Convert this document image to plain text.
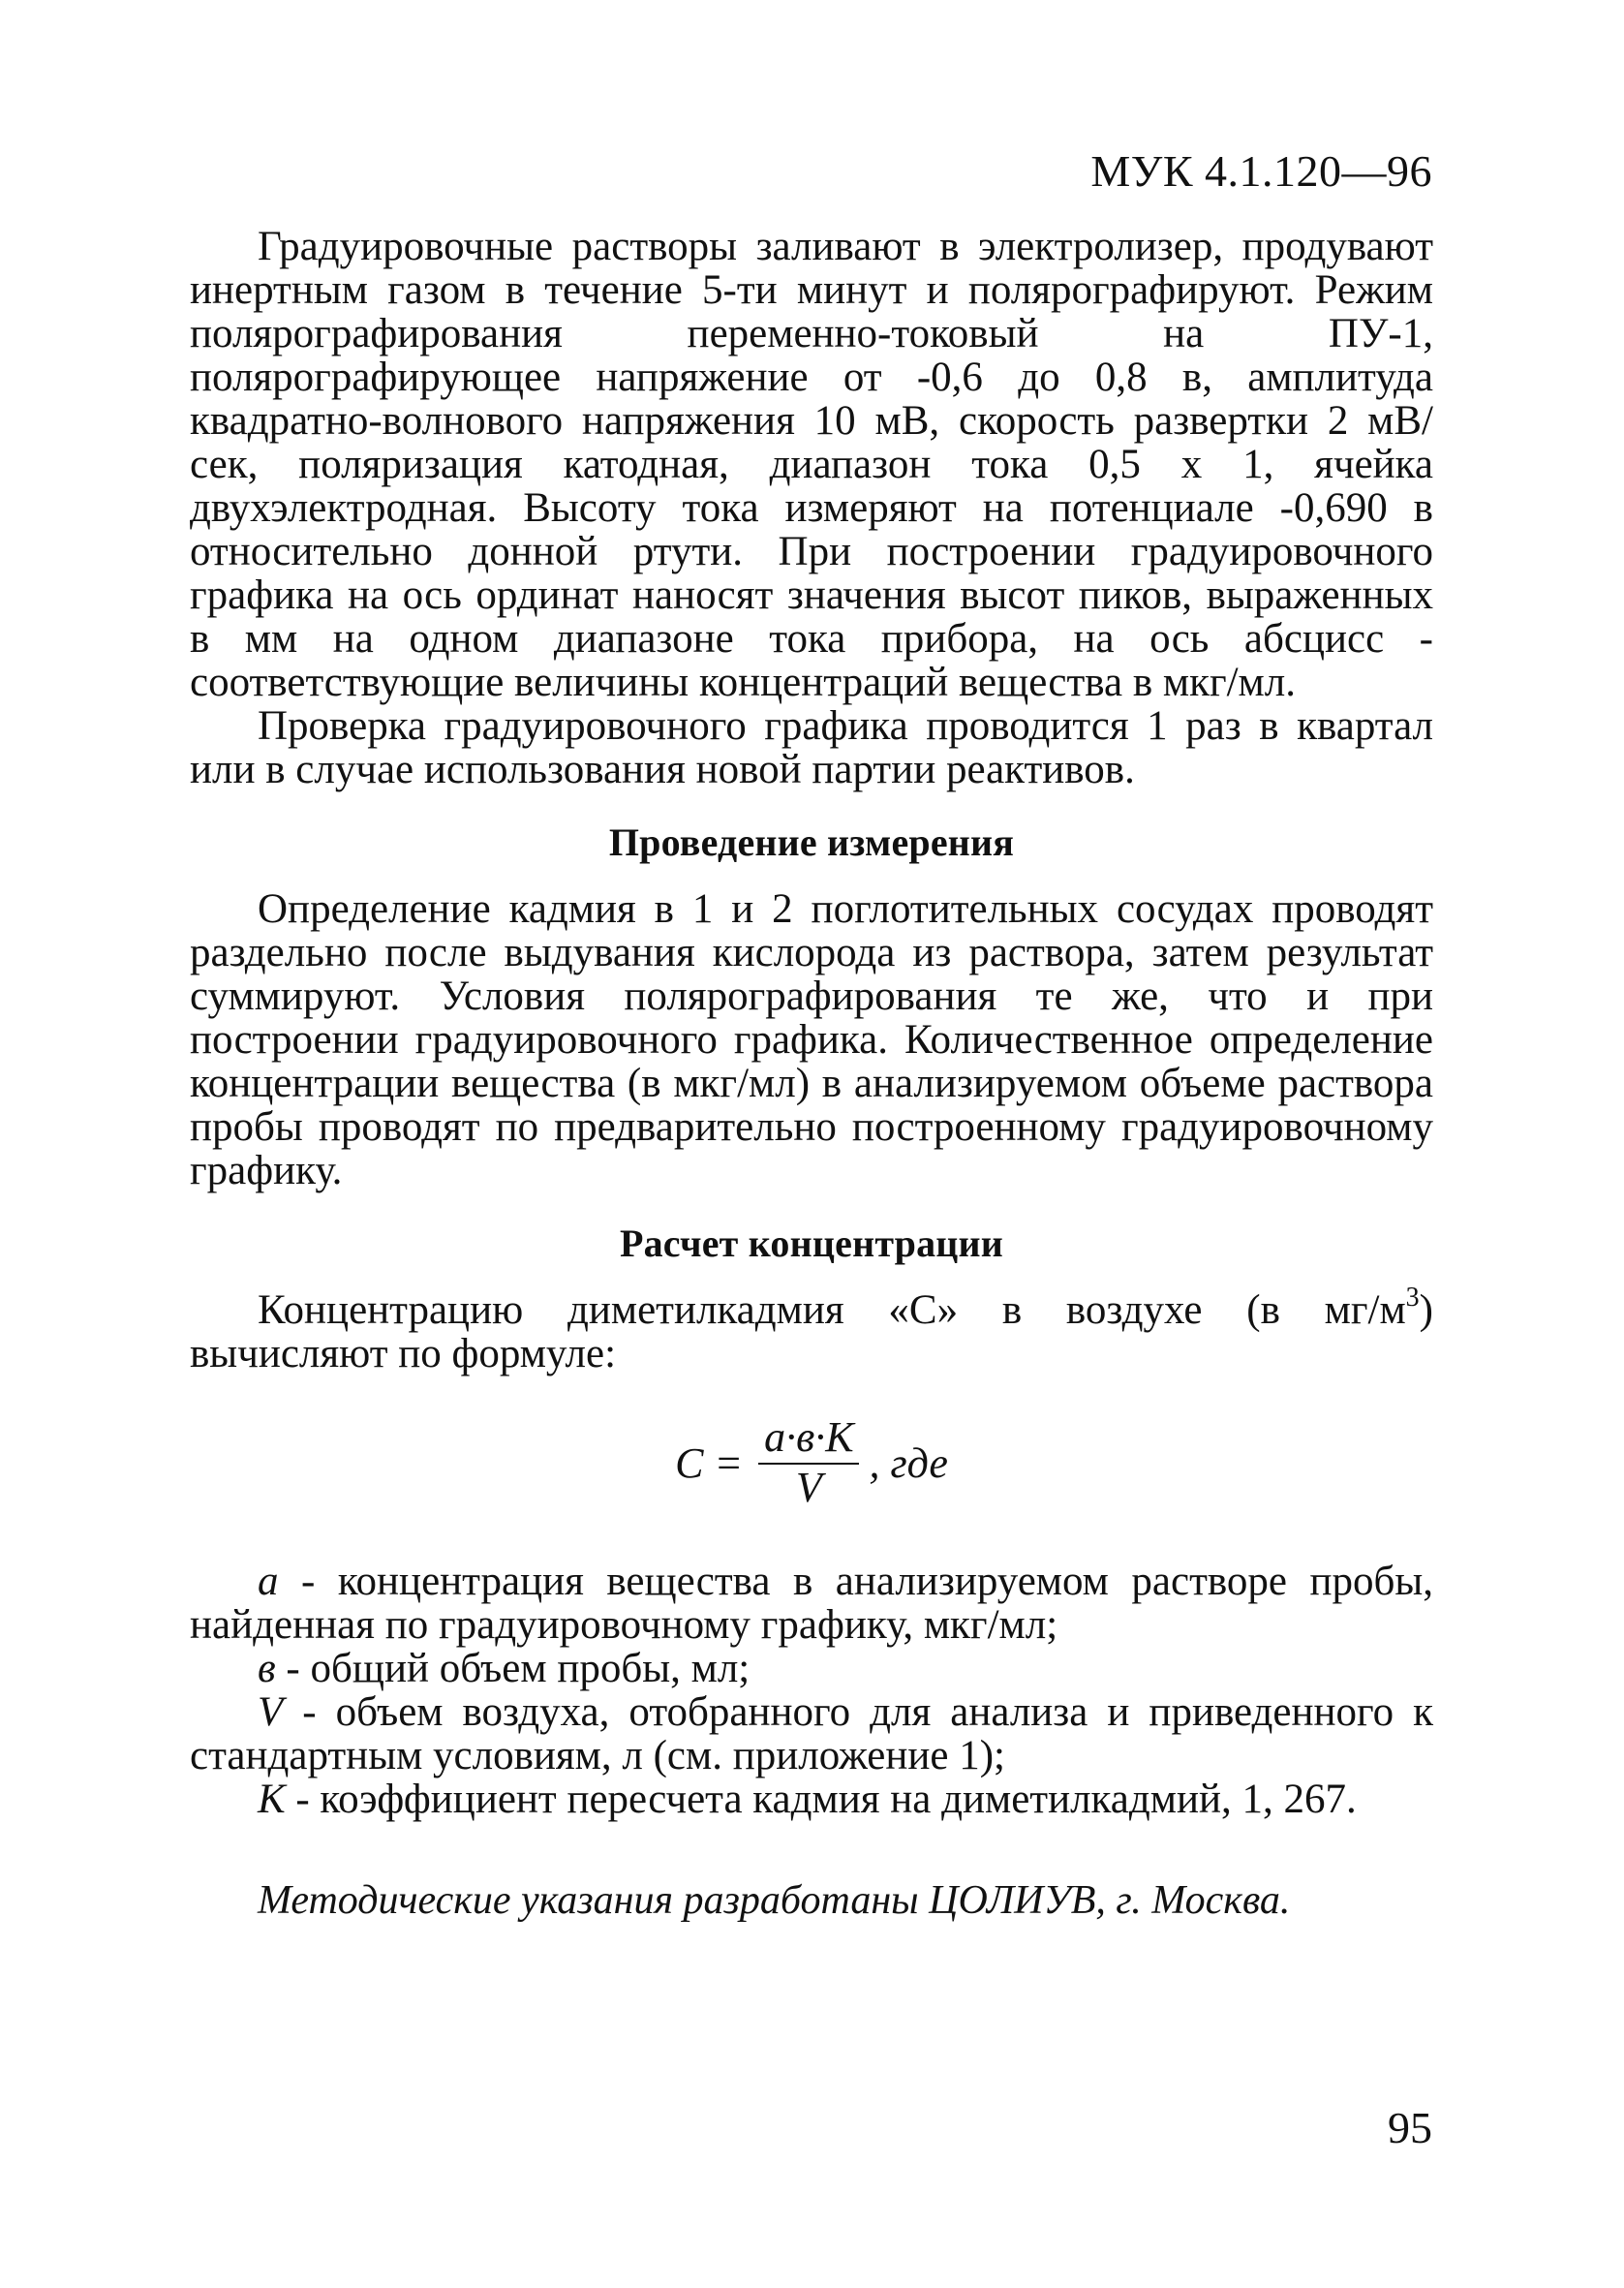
МУК 4.1.120—96

Градуировочные растворы заливают в электролизер, продувают инертным газом в течение 5-ти минут и полярографируют. Режим полярографирования переменно-токовый на ПУ-1, полярографирующее напряжение от -0,6 до 0,8 в, амплитуда квадратно-волнового напряжения 10 мВ, скорость развертки 2 мВ/сек, поляризация катодная, диапазон тока 0,5 x 1, ячейка двухэлектродная. Высоту тока измеряют на потенциале -0,690 в относительно донной ртути. При построении градуировочного графика на ось ординат наносят значения высот пиков, выраженных в мм на одном диапазоне тока прибора, на ось абсцисс - соответствующие величины концентраций вещества в мкг/мл.

Проверка градуировочного графика проводится 1 раз в квартал или в случае использования новой партии реактивов.

Проведение измерения

Определение кадмия в 1 и 2 поглотительных сосудах проводят раздельно после выдувания кислорода из раствора, затем результат суммируют. Условия полярографирования те же, что и при построении градуировочного графика. Количественное определение концентрации вещества (в мкг/мл) в анализируемом объеме раствора пробы проводят по предварительно построенному градуировочному графику.

Расчет концентрации

Концентрацию диметилкадмия «С» в воздухе (в $мг/м^3$) вычисляют по формуле:

$С = \frac{а\cdot в\cdot К}{V}$ , где

а - концентрация вещества в анализируемом растворе пробы, найденная по градуировочному графику, мкг/мл;

в - общий объем пробы, мл;

V - объем воздуха, отобранного для анализа и приведенного к стандартным условиям, л (см. приложение 1);

К - коэффициент пересчета кадмия на диметилкадмий, 1, 267.

Методические указания разработаны ЦОЛИУВ, г. Москва.

95
